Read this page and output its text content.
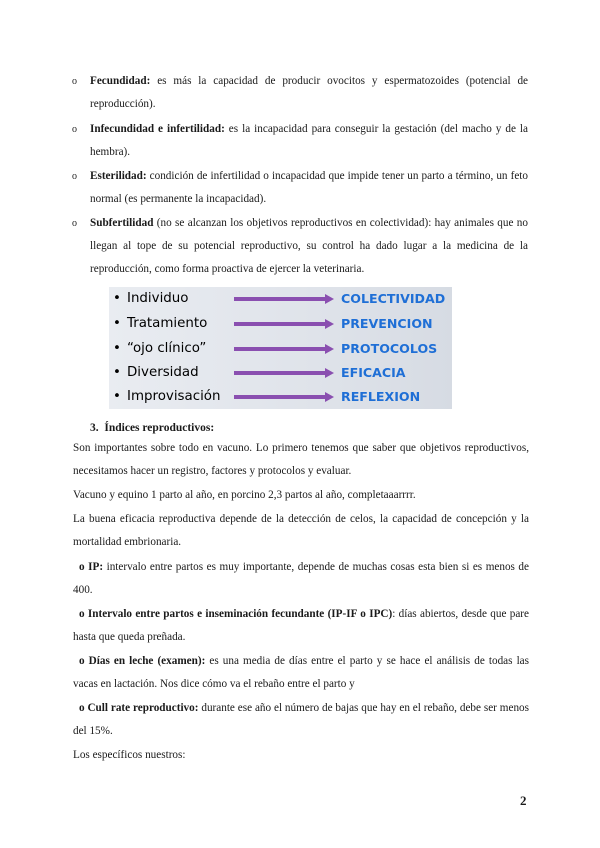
o Fecundidad: es más la capacidad de producir ovocitos y espermatozoides (potencial de reproducción).
o Infecundidad e infertilidad: es la incapacidad para conseguir la gestación (del macho y de la hembra).
o Esterilidad: condición de infertilidad o incapacidad que impide tener un parto a término, un feto normal (es permanente la incapacidad).
o Subfertilidad (no se alcanzan los objetivos reproductivos en colectividad): hay animales que no llegan al tope de su potencial reproductivo, su control ha dado lugar a la medicina de la reproducción, como forma proactiva de ejercer la veterinaria.
• Individuo	COLECTIVIDAD
• Tratamiento	PREVENCION
• “ojo clínico”	PROTOCOLOS
• Diversidad	EFICACIA
• Improvisación	REFLEXION
3. Índices reproductivos:
Son importantes sobre todo en vacuno. Lo primero tenemos que saber que objetivos reproductivos, necesitamos hacer un registro, factores y protocolos y evaluar.
Vacuno y equino 1 parto al año, en porcino 2,3 partos al año, completaaarrrr.
La buena eficacia reproductiva depende de la detección de celos, la capacidad de concepción y la mortalidad embrionaria.
o IP: intervalo entre partos es muy importante, depende de muchas cosas esta bien si es menos de 400.
o Intervalo entre partos e inseminación fecundante (IP-IF o IPC): días abiertos, desde que pare hasta que queda preñada.
o Días en leche (examen): es una media de días entre el parto y se hace el análisis de todas las vacas en lactación. Nos dice cómo va el rebaño entre el parto y
o Cull rate reproductivo: durante ese año el número de bajas que hay en el rebaño, debe ser menos del 15%.
Los específicos nuestros:
2
